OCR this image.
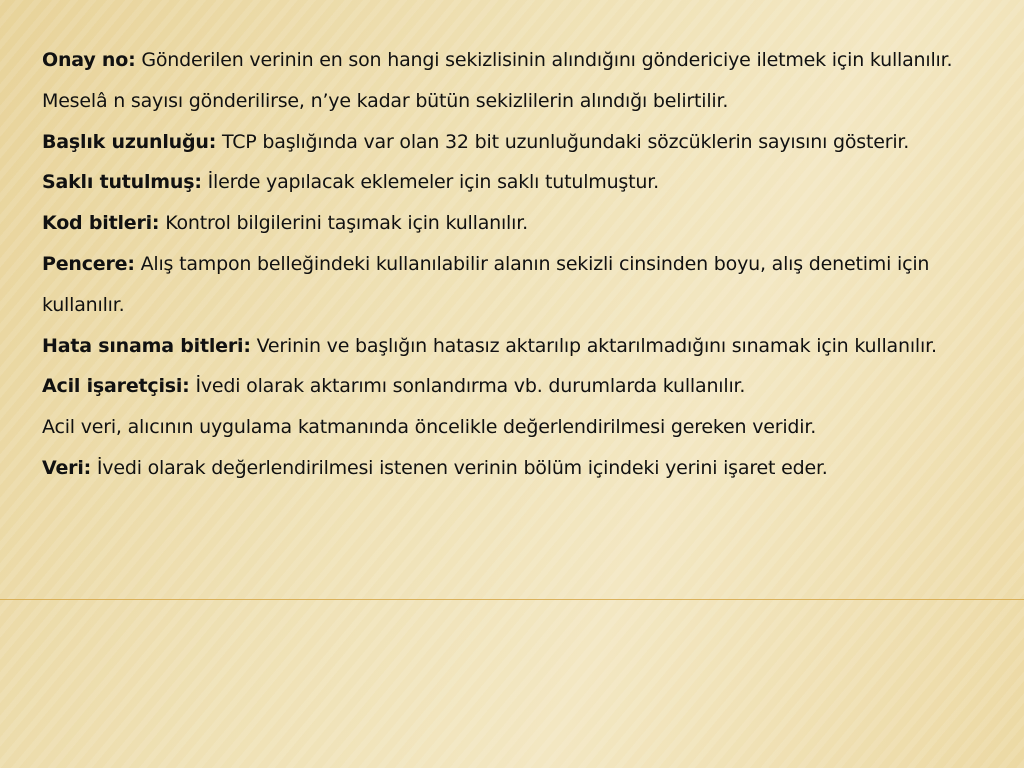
Onay no: Gönderilen verinin en son hangi sekizlisinin alındığını göndericiye iletmek için kullanılır. Meselâ n sayısı gönderilirse, n’ye kadar bütün sekizlilerin alındığı belirtilir.

Başlık uzunluğu: TCP başlığında var olan 32 bit uzunluğundaki sözcüklerin sayısını gösterir.

Saklı tutulmuş: İlerde yapılacak eklemeler için saklı tutulmuştur.

Kod bitleri: Kontrol bilgilerini taşımak için kullanılır.

Pencere: Alış tampon belleğindeki kullanılabilir alanın sekizli cinsinden boyu, alış denetimi için kullanılır.

Hata sınama bitleri: Verinin ve başlığın hatasız aktarılıp aktarılmadığını sınamak için kullanılır.

Acil işaretçisi: İvedi olarak aktarımı sonlandırma vb. durumlarda kullanılır.

Acil veri, alıcının uygulama katmanında öncelikle değerlendirilmesi gereken veridir.

Veri: İvedi olarak değerlendirilmesi istenen verinin bölüm içindeki yerini işaret eder.
